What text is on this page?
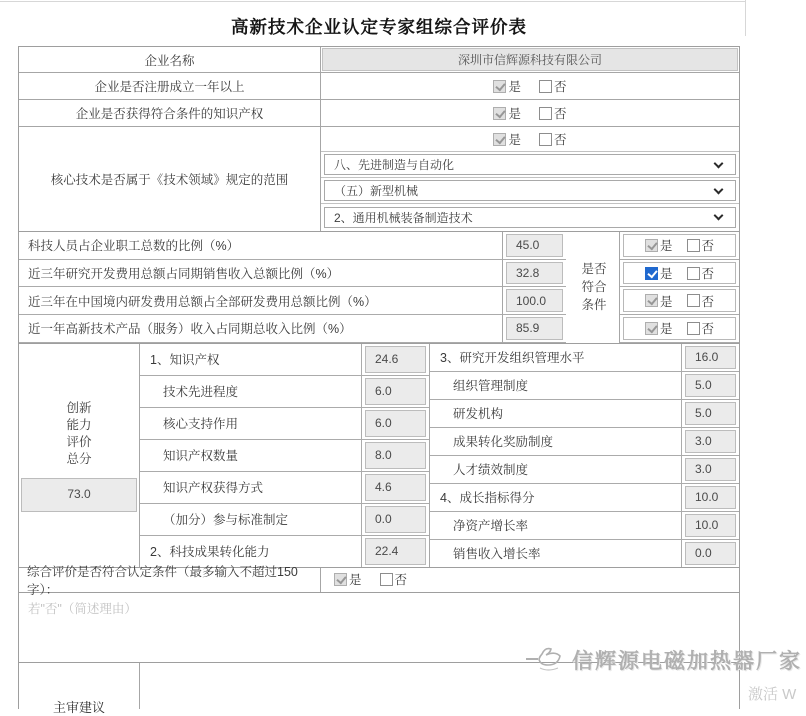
高新技术企业认定专家组综合评价表
企业名称	深圳市信辉源科技有限公司
企业是否注册成立一年以上	是	否
企业是否获得符合条件的知识产权	是	否
核心技术是否属于《技术领域》规定的范围
是	否
八、先进制造与自动化
（五）新型机械
2、通用机械装备制造技术
科技人员占企业职工总数的比例（%）	45.0	是 否
近三年研究开发费用总额占同期销售收入总额比例（%）	32.8	是 否
近三年在中国境内研发费用总额占全部研发费用总额比例（%）	100.0	是 否
近一年高新技术产品（服务）收入占同期总收入比例（%）	85.9	是 否
是否
符合
条件
创新
能力
评价
总分
73.0
1、知识产权	24.6
技术先进程度	6.0
核心支持作用	6.0
知识产权数量	8.0
知识产权获得方式	4.6
（加分）参与标准制定	0.0
2、科技成果转化能力	22.4
3、研究开发组织管理水平	16.0
组织管理制度	5.0
研发机构	5.0
成果转化奖励制度	3.0
人才绩效制度	3.0
4、成长指标得分	10.0
净资产增长率	10.0
销售收入增长率	0.0
综合评价是否符合认定条件（最多输入不超过150字）：
是	否
若"否"（简述理由）
主审建议
信辉源电磁加热器厂家
激活 W
